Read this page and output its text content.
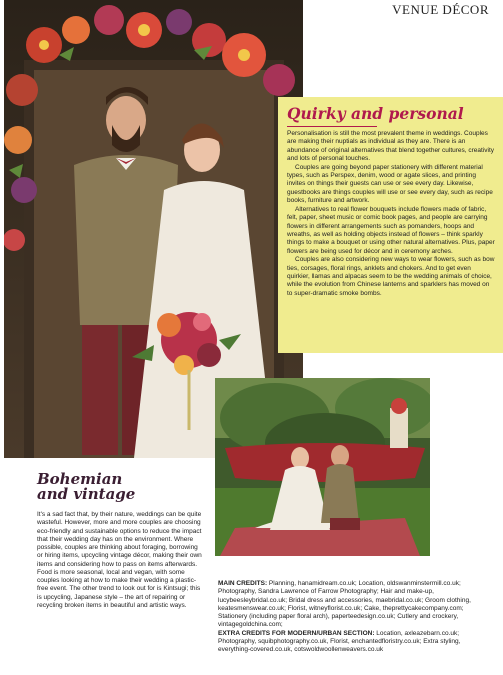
VENUE DÉCOR
Quirky and personal

Personalisation is still the most prevalent theme in weddings. Couples are making their nuptials as individual as they are. There is an abundance of original alternatives that blend together cultures, creativity and lots of personal touches.

Couples are going beyond paper stationery with different material types, such as Perspex, denim, wood or agate slices, and printing invites on things their guests can use or see every day. Likewise, guestbooks are things couples will use or see every day, such as recipe books, furniture and artwork.

Alternatives to real flower bouquets include flowers made of fabric, felt, paper, sheet music or comic book pages, and people are carrying flowers in different arrangements such as pomanders, hoops and wreaths, as well as holding objects instead of flowers – think sparkly things to make a bouquet or using other natural alternatives. Plus, paper flowers are being used for décor and in ceremony arches.

Couples are also considering new ways to wear flowers, such as bow ties, corsages, floral rings, anklets and chokers. And to get even quirkier, llamas and alpacas seem to be the wedding animals of choice, while the evolution from Chinese lanterns and sparklers has moved on to super-dramatic smoke bombs.

Bohemian
and vintage

It's a sad fact that, by their nature, weddings can be quite wasteful. However, more and more couples are choosing eco-friendly and sustainable options to reduce the impact that their wedding day has on the environment. Where possible, couples are thinking about foraging, borrowing or hiring items, upcycling vintage décor, making their own items and considering how to pass on items afterwards. Food is more seasonal, local and vegan, with some couples looking at how to make their wedding a plastic-free event. The other trend to look out for is Kintsugi; this is upcycling, Japanese style – the art of repairing or recycling broken items in beautiful and artistic ways.

MAIN CREDITS: Planning, hanamidream.co.uk; Location, oldswanminstermill.co.uk; Photography, Sandra Lawrence of Farrow Photography; Hair and make-up, lucybeesleybridal.co.uk; Bridal dress and accessories, maebridal.co.uk; Groom clothing, keatesmenswear.co.uk; Florist, witneyflorist.co.uk; Cake, theprettycakecompany.com; Stationery (including paper floral arch), paperteedesign.co.uk; Cutlery and crockery, vintagegoldchina.com;

EXTRA CREDITS FOR MODERN/URBAN SECTION: Location, axleazebarn.co.uk; Photography, squibphotography.co.uk, Florist, enchantedfloristry.co.uk; Extra styling, everything-covered.co.uk, cotswoldwoollenweavers.co.uk
